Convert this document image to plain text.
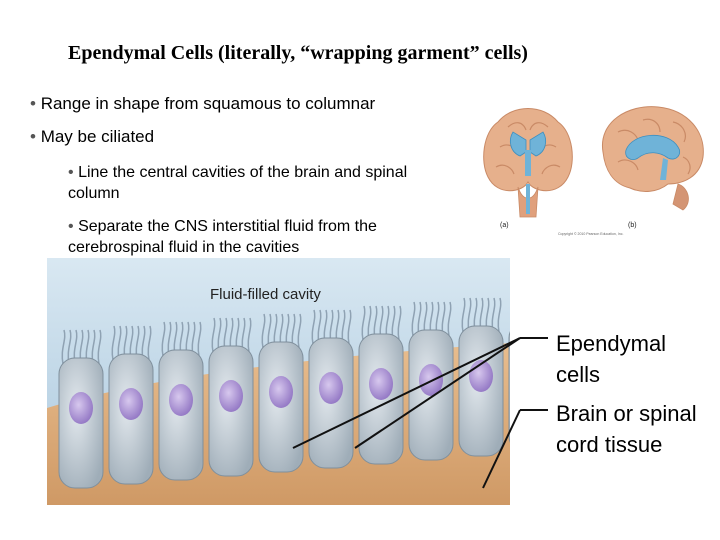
Ependymal Cells (literally, “wrapping garment” cells)
• Range in shape from squamous to columnar
• May be ciliated
• Line the central cavities of the brain and spinal column
• Separate the CNS interstitial fluid from the cerebrospinal fluid in the cavities
(a)	(b)
Copyright © 2010 Pearson Education, Inc.
Fluid-filled cavity
Ependymal cells
Brain or spinal cord tissue
